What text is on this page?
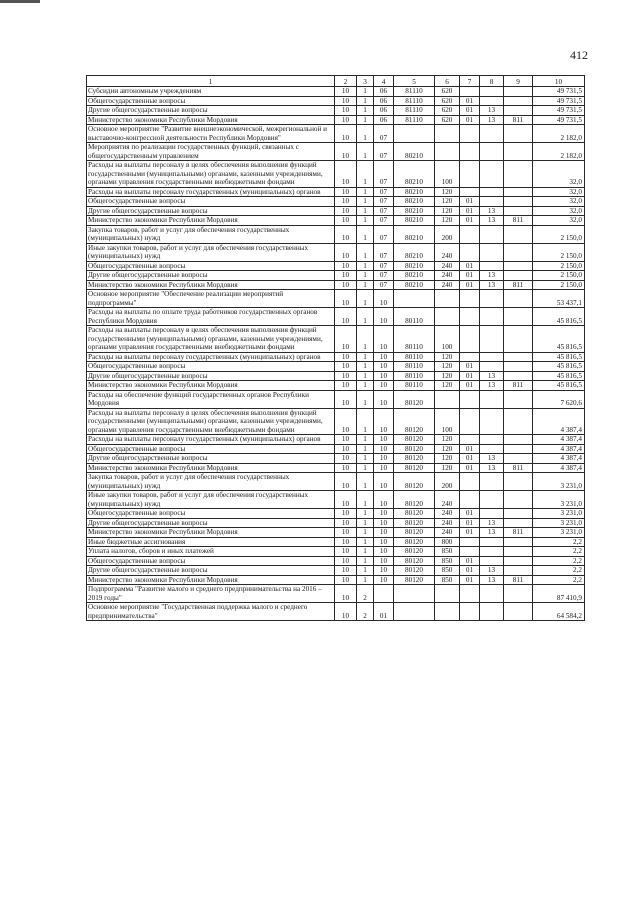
412
1	2	3	4	5	6	7	8	9	10
Субсидии автономным учреждениям	10	1	06	81110	620				49 731,5
Общегосударственные вопросы	10	1	06	81110	620	01			49 731,5
Другие общегосударственные вопросы	10	1	06	81110	620	01	13		49 731,5
Министерство экономики Республики Мордовия	10	1	06	81110	620	01	13	811	49 731,5
Основное мероприятие "Развитие внешнеэкономической, межрегиональной и выставочно-конгрессной деятельности Республики Мордовия"	10	1	07						2 182,0
Мероприятия по реализации государственных функций, связанных с общегосударственным управлением	10	1	07	80210					2 182,0
Расходы на выплаты персоналу в целях обеспечения выполнения функций государственными (муниципальными) органами, казенными учреждениями, органами управления государственными внебюджетными фондами	10	1	07	80210	100				32,0
Расходы на выплаты персоналу государственных (муниципальных) органов	10	1	07	80210	120				32,0
Общегосударственные вопросы	10	1	07	80210	120	01			32,0
Другие общегосударственные вопросы	10	1	07	80210	120	01	13		32,0
Министерство экономики Республики Мордовия	10	1	07	80210	120	01	13	811	32,0
Закупка товаров, работ и услуг для обеспечения государственных (муниципальных) нужд	10	1	07	80210	200				2 150,0
Иные закупки товаров, работ и услуг для обеспечения государственных (муниципальных) нужд	10	1	07	80210	240				2 150,0
Общегосударственные вопросы	10	1	07	80210	240	01			2 150,0
Другие общегосударственные вопросы	10	1	07	80210	240	01	13		2 150,0
Министерство экономики Республики Мордовия	10	1	07	80210	240	01	13	811	2 150,0
Основное мероприятие "Обеспечение реализации мероприятий подпрограммы"	10	1	10						53 437,1
Расходы на выплаты по оплате труда работников государственных органов Республики Мордовия	10	1	10	80110					45 816,5
Расходы на выплаты персоналу в целях обеспечения выполнения функций государственными (муниципальными) органами, казенными учреждениями, органами управления государственными внебюджетными фондами	10	1	10	80110	100				45 816,5
Расходы на выплаты персоналу государственных (муниципальных) органов	10	1	10	80110	120				45 816,5
Общегосударственные вопросы	10	1	10	80110	120	01			45 816,5
Другие общегосударственные вопросы	10	1	10	80110	120	01	13		45 816,5
Министерство экономики Республики Мордовия	10	1	10	80110	120	01	13	811	45 816,5
Расходы на обеспечение функций государственных органов Республики Мордовия	10	1	10	80120					7 620,6
Расходы на выплаты персоналу в целях обеспечения выполнения функций государственными (муниципальными) органами, казенными учреждениями, органами управления государственными внебюджетными фондами	10	1	10	80120	100				4 387,4
Расходы на выплаты персоналу государственных (муниципальных) органов	10	1	10	80120	120				4 387,4
Общегосударственные вопросы	10	1	10	80120	120	01			4 387,4
Другие общегосударственные вопросы	10	1	10	80120	120	01	13		4 387,4
Министерство экономики Республики Мордовия	10	1	10	80120	120	01	13	811	4 387,4
Закупка товаров, работ и услуг для обеспечения государственных (муниципальных) нужд	10	1	10	80120	200				3 231,0
Иные закупки товаров, работ и услуг для обеспечения государственных (муниципальных) нужд	10	1	10	80120	240				3 231,0
Общегосударственные вопросы	10	1	10	80120	240	01			3 231,0
Другие общегосударственные вопросы	10	1	10	80120	240	01	13		3 231,0
Министерство экономики Республики Мордовия	10	1	10	80120	240	01	13	811	3 231,0
Иные бюджетные ассигнования	10	1	10	80120	800				2,2
Уплата налогов, сборов и иных платежей	10	1	10	80120	850				2,2
Общегосударственные вопросы	10	1	10	80120	850	01			2,2
Другие общегосударственные вопросы	10	1	10	80120	850	01	13		2,2
Министерство экономики Республики Мордовия	10	1	10	80120	850	01	13	811	2,2
Подпрограмма "Развитие малого и среднего предпринимательства на 2016 – 2019 годы"	10	2							87 410,9
Основное мероприятие "Государственная поддержка малого и среднего предпринимательства"	10	2	01						64 584,2
